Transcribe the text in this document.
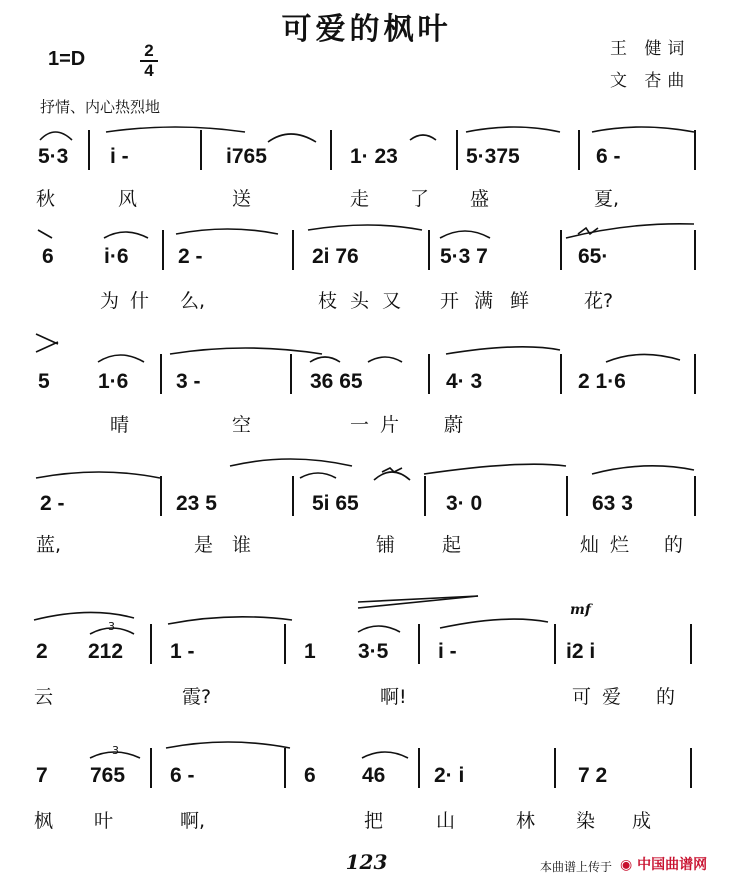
可爱的枫叶
1=D	2
4
王 健词
文 杏曲
抒情、内心热烈地
5·3 i -	i765	1· 23	5·375	6 -
秋	风	送	走 了 盛	夏,
6 i·6 2 -	2i 76	5·3 7	65·
为 什 么,	枝 头 又 开 满 鲜	花?
5 1·6 3 -	36 65	4· 3	2 1·6
晴	空	一 片 蔚
2 -	23 5	5i 65	3· 0	63 3
蓝,	是 谁	铺 起	灿 烂 的
3
mf
2 212 1 -	1 3·5 i -	i2 i
云	霞?	啊!	可 爱 的
3
7 765 6 -	6 46 2· i	7 2
枫 叶	啊,	把	山	林 染 成
123	本曲谱上传于 ◉ 中国曲谱网
